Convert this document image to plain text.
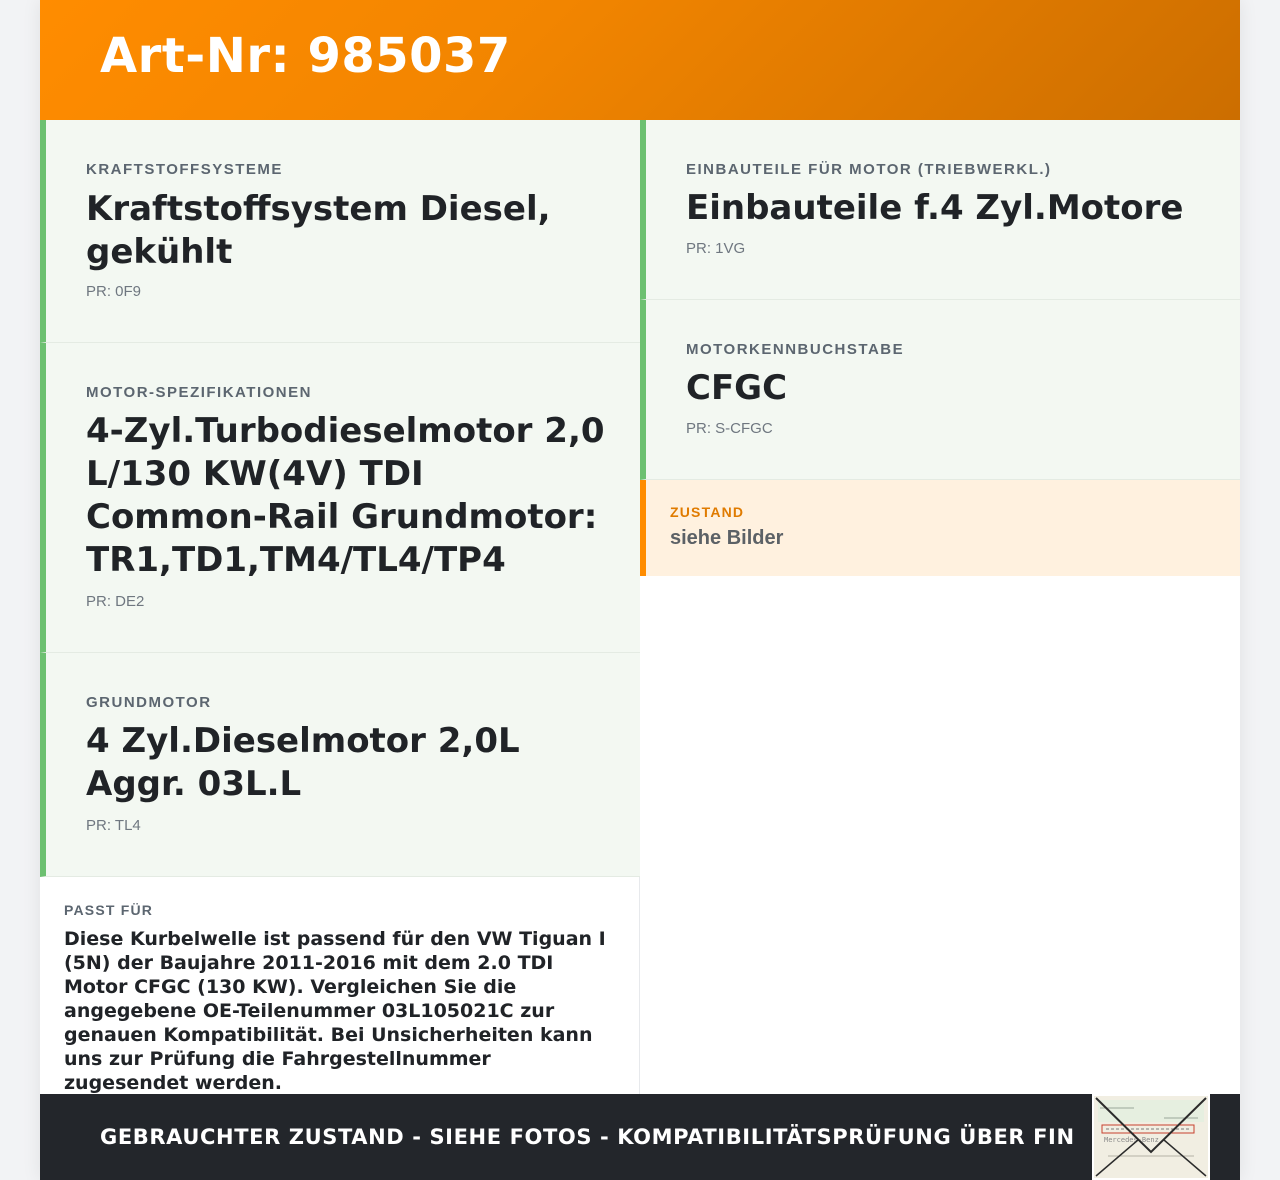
Art-Nr: 985037
KRAFTSTOFFSYSTEME
Kraftstoffsystem Diesel, gekühlt
PR: 0F9
MOTOR-SPEZIFIKATIONEN
4-Zyl.Turbodieselmotor 2,0 L/130 KW(4V) TDI Common-Rail Grundmotor: TR1,TD1,TM4/TL4/TP4
PR: DE2
GRUNDMOTOR
4 Zyl.Dieselmotor 2,0L Aggr. 03L.L
PR: TL4
PASST FÜR
Diese Kurbelwelle ist passend für den VW Tiguan I (5N) der Baujahre 2011-2016 mit dem 2.0 TDI Motor CFGC (130 KW). Vergleichen Sie die angegebene OE-Teilenummer 03L105021C zur genauen Kompatibilität. Bei Unsicherheiten kann uns zur Prüfung die Fahrgestellnummer zugesendet werden.
EINBAUTEILE FÜR MOTOR (TRIEBWERKL.)
Einbauteile f.4 Zyl.Motore
PR: 1VG
MOTORKENNBUCHSTABE
CFGC
PR: S-CFGC
ZUSTAND
siehe Bilder
GEBRAUCHTER ZUSTAND - SIEHE FOTOS - KOMPATIBILITÄTSPRÜFUNG ÜBER FIN	Mercedes-Benz
